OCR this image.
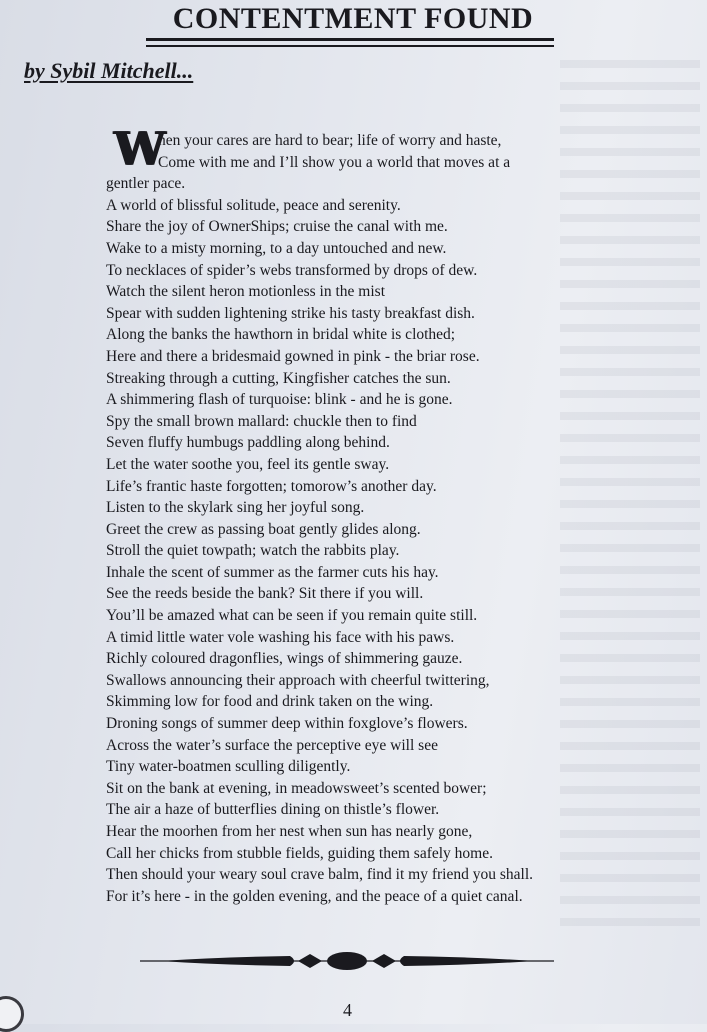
CONTENTMENT FOUND
by Sybil Mitchell...
W

hen your cares are hard to bear; life of worry and haste,

Come with me and I’ll show you a world that moves at a

gentler pace.

A world of blissful solitude, peace and serenity.

Share the joy of OwnerShips; cruise the canal with me.

Wake to a misty morning, to a day untouched and new.

To necklaces of spider’s webs transformed by drops of dew.

Watch the silent heron motionless in the mist

Spear with sudden lightening strike his tasty breakfast dish.

Along the banks the hawthorn in bridal white is clothed;

Here and there a bridesmaid gowned in pink - the briar rose.

Streaking through a cutting, Kingfisher catches the sun.

A shimmering flash of turquoise: blink - and he is gone.

Spy the small brown mallard: chuckle then to find

Seven fluffy humbugs paddling along behind.

Let the water soothe you, feel its gentle sway.

Life’s frantic haste forgotten; tomorow’s another day.

Listen to the skylark sing her joyful song.

Greet the crew as passing boat gently glides along.

Stroll the quiet towpath; watch the rabbits play.

Inhale the scent of summer as the farmer cuts his hay.

See the reeds beside the bank? Sit there if you will.

You’ll be amazed what can be seen if you remain quite still.

A timid little water vole washing his face with his paws.

Richly coloured dragonflies, wings of shimmering gauze.

Swallows announcing their approach with cheerful twittering,

Skimming low for food and drink taken on the wing.

Droning songs of summer deep within foxglove’s flowers.

Across the water’s surface the perceptive eye will see

Tiny water-boatmen sculling diligently.

Sit on the bank at evening, in meadowsweet’s scented bower;

The air a haze of butterflies dining on thistle’s flower.

Hear the moorhen from her nest when sun has nearly gone,

Call her chicks from stubble fields, guiding them safely home.

Then should your weary soul crave balm, find it my friend you shall.

For it’s here - in the golden evening, and the peace of a quiet canal.

4
